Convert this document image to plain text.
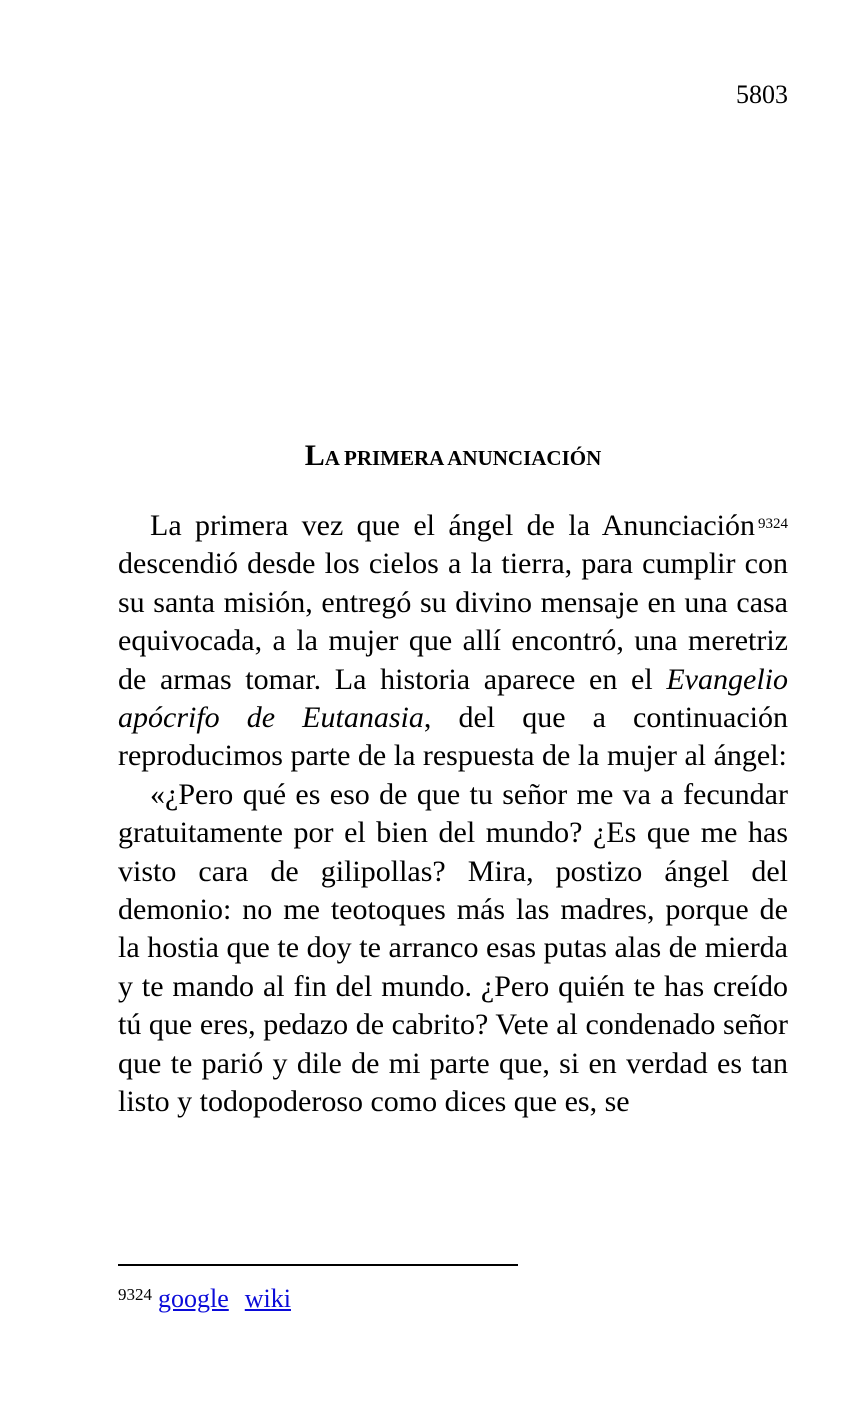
5803
LA PRIMERA ANUNCIACIÓN

La primera vez que el ángel de la Anunciación $^{9324}$ descendió desde los cielos a la tierra, para cumplir con su santa misión, entregó su divino mensaje en una casa equivocada, a la mujer que allí encontró, una meretriz de armas tomar. La historia aparece en el Evangelio apócrifo de Eutanasia, del que a continuación reproducimos parte de la respuesta de la mujer al ángel:

«¿Pero qué es eso de que tu señor me va a fecundar gratuitamente por el bien del mundo? ¿Es que me has visto cara de gilipollas? Mira, postizo ángel del demonio: no me teotoques más las madres, porque de la hostia que te doy te arranco esas putas alas de mierda y te mando al fin del mundo. ¿Pero quién te has creído tú que eres, pedazo de cabrito? Vete al condenado señor que te parió y dile de mi parte que, si en verdad es tan listo y todopoderoso como dices que es, se

$^{9324}$ google wiki
